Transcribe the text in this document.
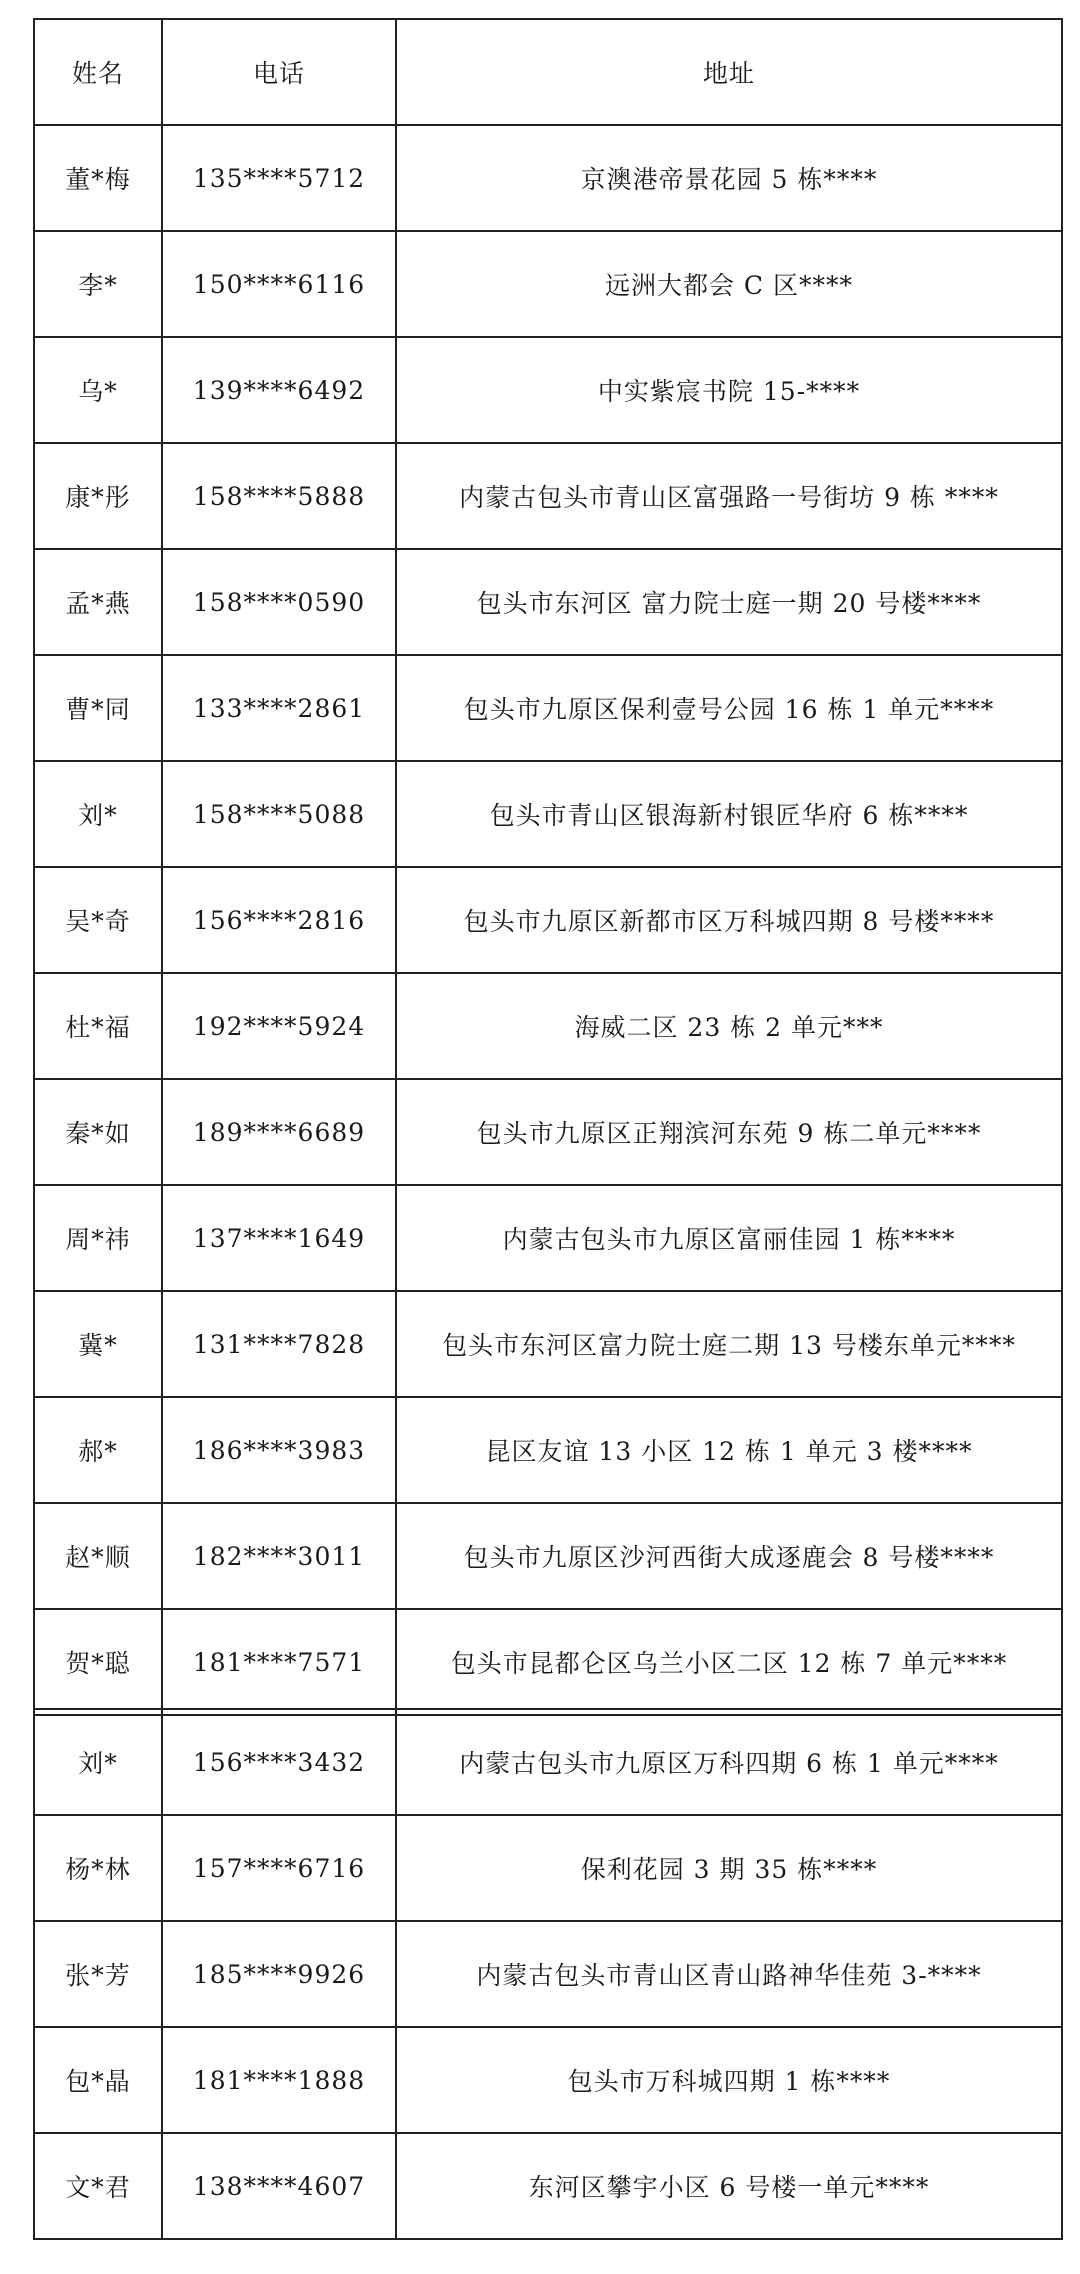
姓名	电话	地址
董*梅	135****5712	京澳港帝景花园 5 栋****
李*	150****6116	远洲大都会 C 区****
乌*	139****6492	中实紫宸书院 15-****
康*彤	158****5888	内蒙古包头市青山区富强路一号街坊 9 栋 ****
孟*燕	158****0590	包头市东河区 富力院士庭一期 20 号楼****
曹*同	133****2861	包头市九原区保利壹号公园 16 栋 1 单元****
刘*	158****5088	包头市青山区银海新村银匠华府 6 栋****
吴*奇	156****2816	包头市九原区新都市区万科城四期 8 号楼****
杜*福	192****5924	海威二区 23 栋 2 单元***
秦*如	189****6689	包头市九原区正翔滨河东苑 9 栋二单元****
周*祎	137****1649	内蒙古包头市九原区富丽佳园 1 栋****
冀*	131****7828	包头市东河区富力院士庭二期 13 号楼东单元****
郝*	186****3983	昆区友谊 13 小区 12 栋 1 单元 3 楼****
赵*顺	182****3011	包头市九原区沙河西街大成逐鹿会 8 号楼****
贺*聪	181****7571	包头市昆都仑区乌兰小区二区 12 栋 7 单元****
刘*	156****3432	内蒙古包头市九原区万科四期 6 栋 1 单元****
杨*林	157****6716	保利花园 3 期 35 栋****
张*芳	185****9926	内蒙古包头市青山区青山路神华佳苑 3-****
包*晶	181****1888	包头市万科城四期 1 栋****
文*君	138****4607	东河区攀宇小区 6 号楼一单元****
